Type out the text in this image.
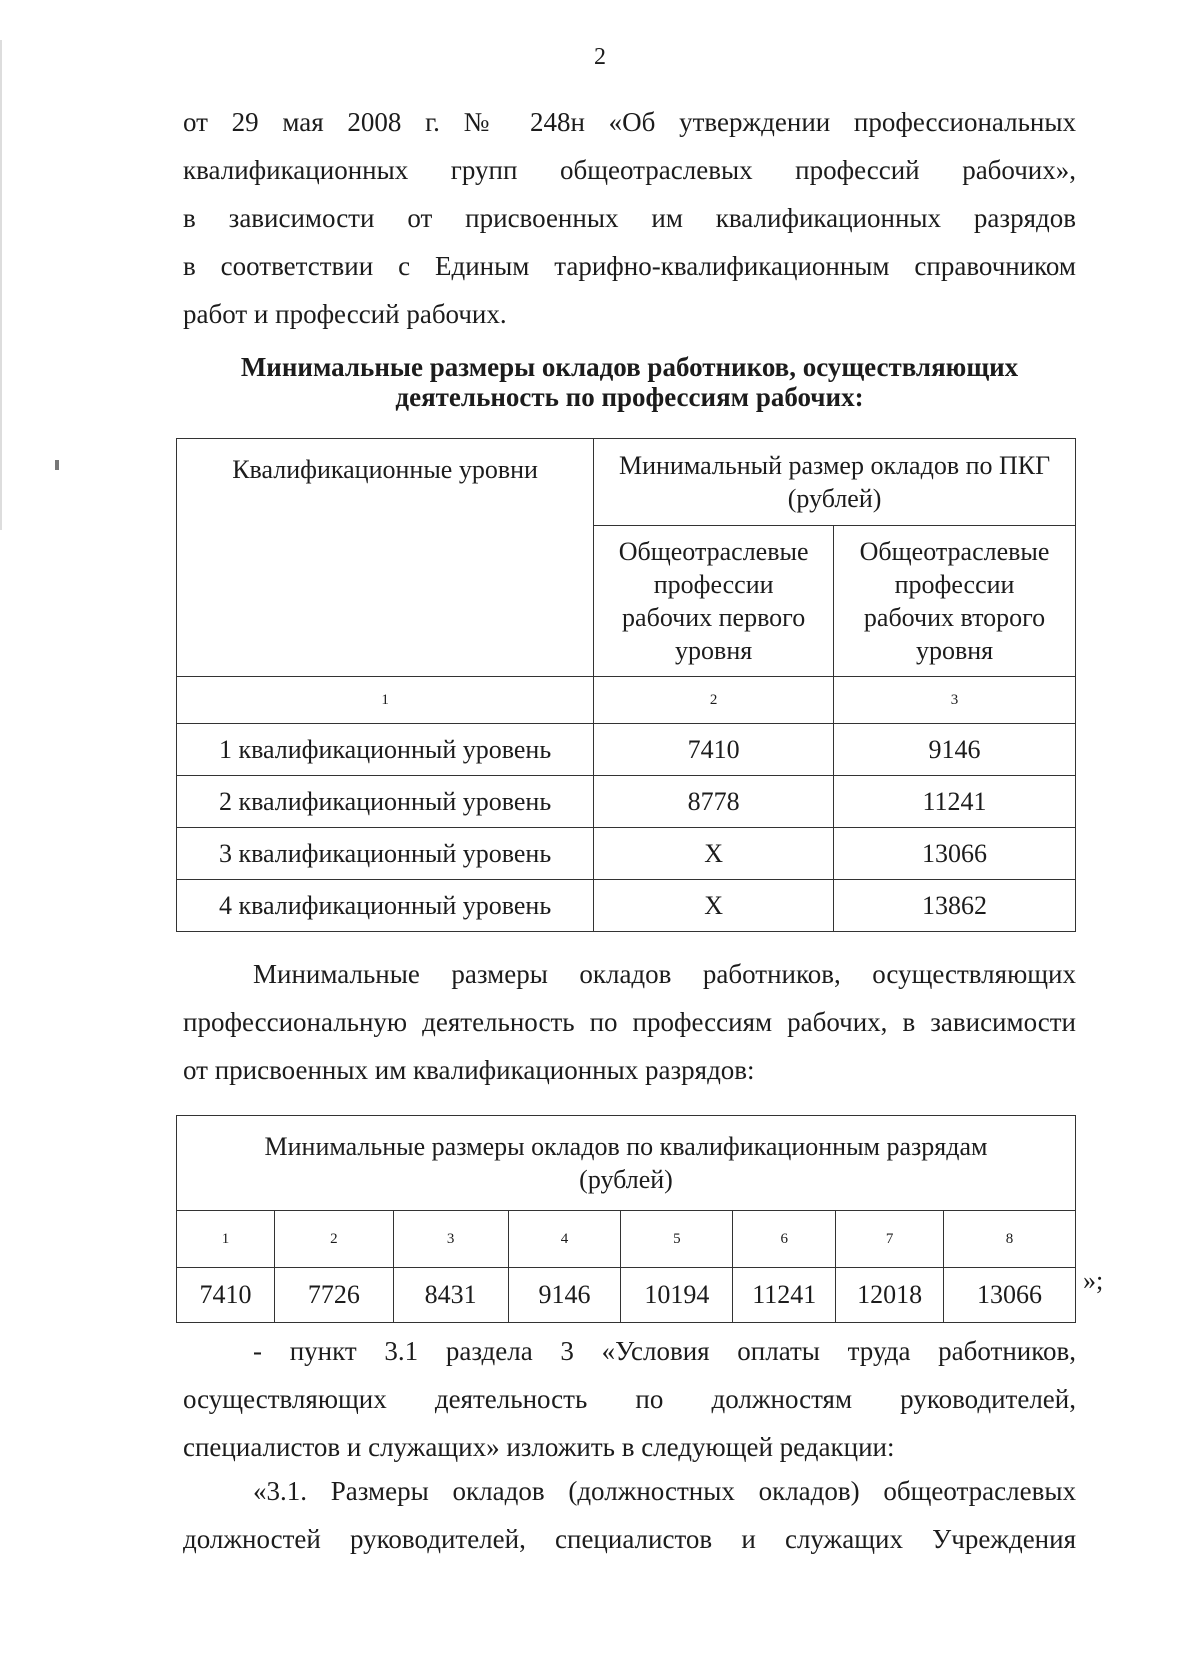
2
от 29 мая 2008 г. № 248н «Об утверждении профессиональных
квалификационных групп общеотраслевых профессий рабочих»,
в зависимости от присвоенных им квалификационных разрядов
в соответствии с Единым тарифно-квалификационным справочником
работ и профессий рабочих.
Минимальные размеры окладов работников, осуществляющих
деятельность по профессиям рабочих:
Квалификационные уровни	Минимальный размер окладов по ПКГ (рублей)	
	Общеотраслевые профессии рабочих первого уровня	Общеотраслевые профессии рабочих второго уровня
1	2	3
1 квалификационный уровень	7410	9146
2 квалификационный уровень	8778	11241
3 квалификационный уровень	X	13066
4 квалификационный уровень	X	13862
Минимальные размеры окладов работников, осуществляющих
профессиональную деятельность по профессиям рабочих, в зависимости
от присвоенных им квалификационных разрядов:
Минимальные размеры окладов по квалификационным разрядам (рублей)							
1	2	3	4	5	6	7	8
7410	7726	8431	9146	10194	11241	12018	13066 »;
- пункт 3.1 раздела 3 «Условия оплаты труда работников,
осуществляющих деятельность по должностям руководителей,
специалистов и служащих» изложить в следующей редакции:
«3.1. Размеры окладов (должностных окладов) общеотраслевых
должностей руководителей, специалистов и служащих Учреждения
